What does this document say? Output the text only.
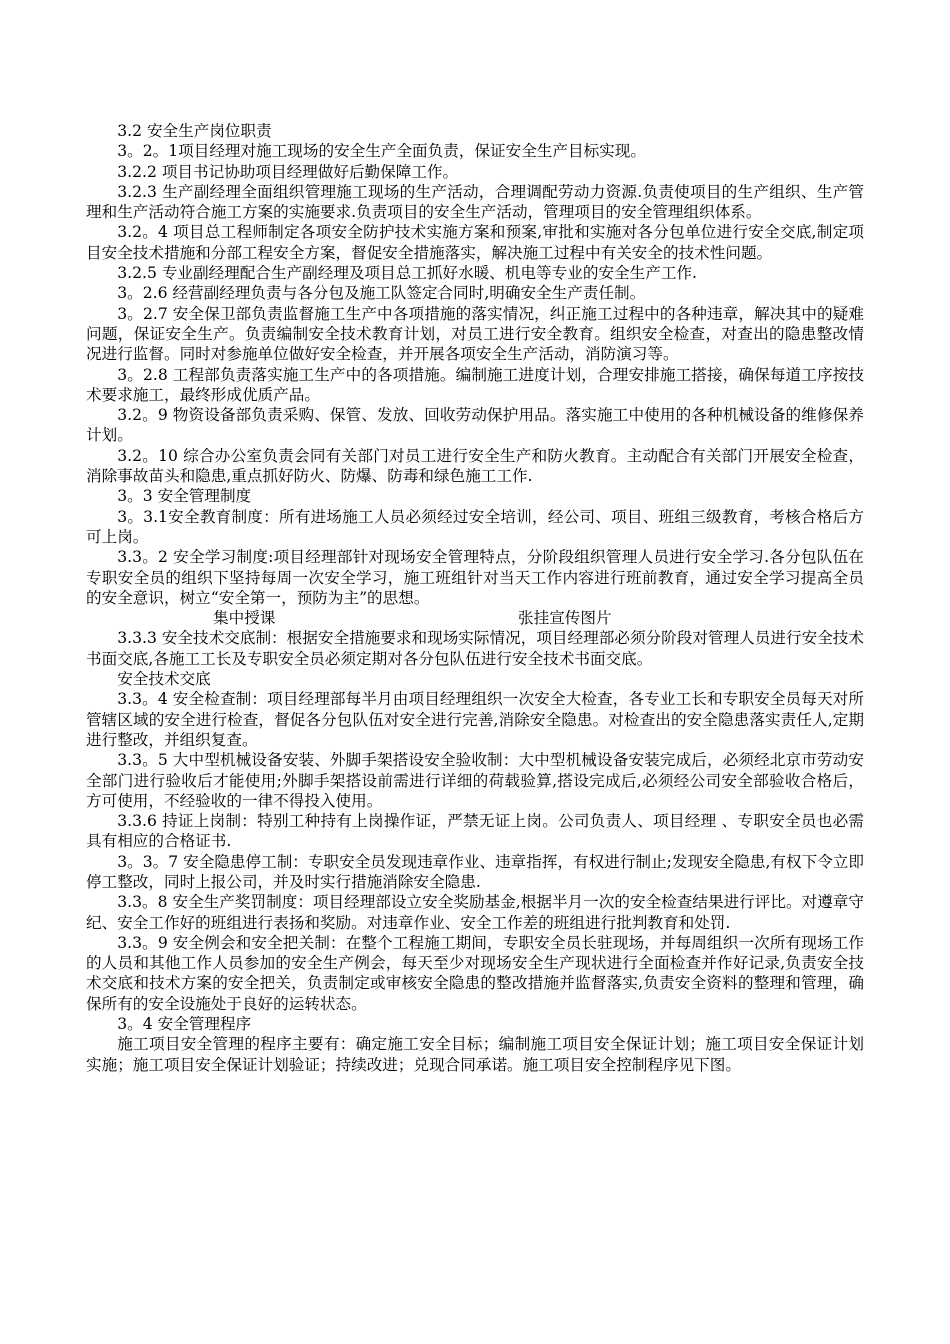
3.2 安全生产岗位职责

3。2。1项目经理对施工现场的安全生产全面负责，保证安全生产目标实现。

3.2.2 项目书记协助项目经理做好后勤保障工作。

3.2.3 生产副经理全面组织管理施工现场的生产活动，合理调配劳动力资源.负责使项目的生产组织、生产管理和生产活动符合施工方案的实施要求.负责项目的安全生产活动，管理项目的安全管理组织体系。

3.2。4 项目总工程师制定各项安全防护技术实施方案和预案,审批和实施对各分包单位进行安全交底,制定项目安全技术措施和分部工程安全方案，督促安全措施落实，解决施工过程中有关安全的技术性问题。

3.2.5 专业副经理配合生产副经理及项目总工抓好水暖、机电等专业的安全生产工作.

3。2.6 经营副经理负责与各分包及施工队签定合同时,明确安全生产责任制。

3。2.7 安全保卫部负责监督施工生产中各项措施的落实情况，纠正施工过程中的各种违章，解决其中的疑难问题，保证安全生产。负责编制安全技术教育计划，对员工进行安全教育。组织安全检查，对查出的隐患整改情况进行监督。同时对参施单位做好安全检查，并开展各项安全生产活动，消防演习等。

3。2.8 工程部负责落实施工生产中的各项措施。编制施工进度计划，合理安排施工搭接，确保每道工序按技术要求施工，最终形成优质产品。

3.2。9 物资设备部负责采购、保管、发放、回收劳动保护用品。落实施工中使用的各种机械设备的维修保养计划。

3.2。10 综合办公室负责会同有关部门对员工进行安全生产和防火教育。主动配合有关部门开展安全检查，消除事故苗头和隐患,重点抓好防火、防爆、防毒和绿色施工工作.

3。3 安全管理制度

3。3.1安全教育制度：所有进场施工人员必须经过安全培训，经公司、项目、班组三级教育，考核合格后方可上岗。

3.3。2 安全学习制度:项目经理部针对现场安全管理特点，分阶段组织管理人员进行安全学习.各分包队伍在专职安全员的组织下坚持每周一次安全学习，施工班组针对当天工作内容进行班前教育，通过安全学习提高全员的安全意识，树立“安全第一，预防为主”的思想。

集中授课	张挂宣传图片

3.3.3 安全技术交底制：根据安全措施要求和现场实际情况，项目经理部必须分阶段对管理人员进行安全技术书面交底,各施工工长及专职安全员必须定期对各分包队伍进行安全技术书面交底。

安全技术交底

3.3。4 安全检查制：项目经理部每半月由项目经理组织一次安全大检查，各专业工长和专职安全员每天对所管辖区域的安全进行检查，督促各分包队伍对安全进行完善,消除安全隐患。对检查出的安全隐患落实责任人,定期进行整改，并组织复查。

3.3。5 大中型机械设备安装、外脚手架搭设安全验收制：大中型机械设备安装完成后，必须经北京市劳动安全部门进行验收后才能使用;外脚手架搭设前需进行详细的荷载验算,搭设完成后,必须经公司安全部验收合格后，方可使用，不经验收的一律不得投入使用。

3.3.6 持证上岗制：特别工种持有上岗操作证，严禁无证上岗。公司负责人、项目经理 、专职安全员也必需具有相应的合格证书.

3。3。7 安全隐患停工制：专职安全员发现违章作业、违章指挥，有权进行制止;发现安全隐患,有权下令立即停工整改，同时上报公司，并及时实行措施消除安全隐患.

3.3。8 安全生产奖罚制度：项目经理部设立安全奖励基金,根据半月一次的安全检查结果进行评比。对遵章守纪、安全工作好的班组进行表扬和奖励。对违章作业、安全工作差的班组进行批判教育和处罚.

3.3。9 安全例会和安全把关制：在整个工程施工期间，专职安全员长驻现场，并每周组织一次所有现场工作的人员和其他工作人员参加的安全生产例会，每天至少对现场安全生产现状进行全面检查并作好记录,负责安全技术交底和技术方案的安全把关，负责制定或审核安全隐患的整改措施并监督落实,负责安全资料的整理和管理，确保所有的安全设施处于良好的运转状态。

3。4 安全管理程序

施工项目安全管理的程序主要有：确定施工安全目标；编制施工项目安全保证计划；施工项目安全保证计划实施；施工项目安全保证计划验证；持续改进；兑现合同承诺。施工项目安全控制程序见下图。
